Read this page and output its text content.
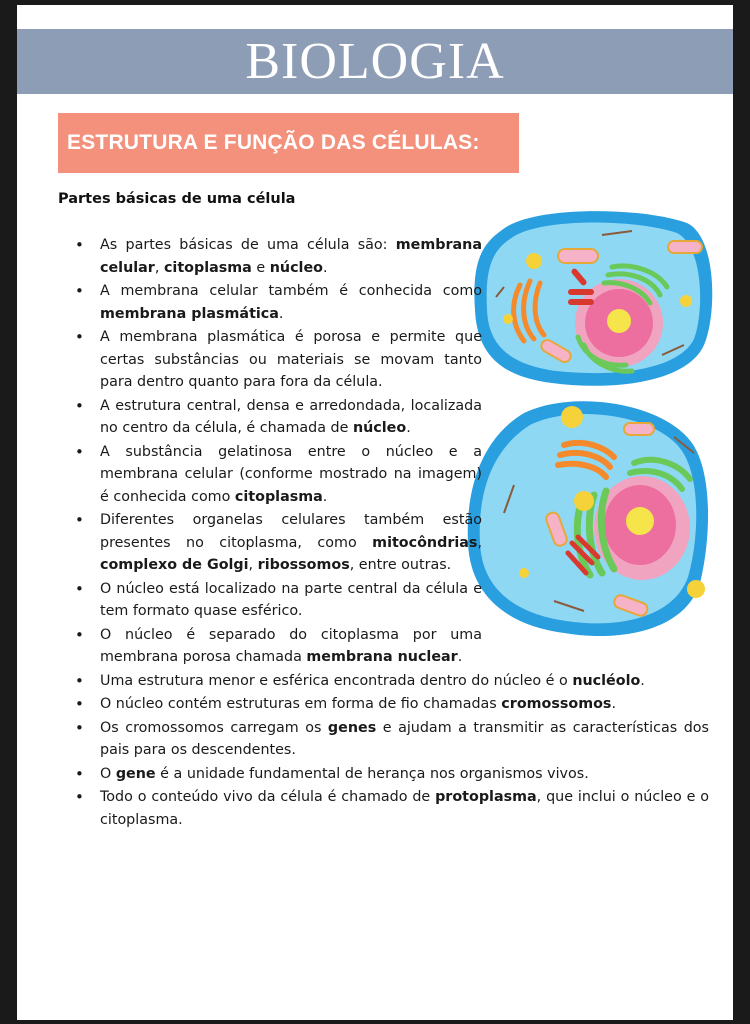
BIOLOGIA
ESTRUTURA E FUNÇÃO DAS CÉLULAS:
Partes básicas de uma célula
• As partes básicas de uma célula são: membrana celular, citoplasma e núcleo.
• A membrana celular também é conhecida como membrana plasmática.
• A membrana plasmática é porosa e permite que certas substâncias ou materiais se movam tanto para dentro quanto para fora da célula.
• A estrutura central, densa e arredondada, localizada no centro da célula, é chamada de núcleo.
• A substância gelatinosa entre o núcleo e a membrana celular (conforme mostrado na imagem) é conhecida como citoplasma.
• Diferentes organelas celulares também estão presentes no citoplasma, como mitocôndrias, complexo de Golgi, ribossomos, entre outras.
• O núcleo está localizado na parte central da célula e tem formato quase esférico.
• O núcleo é separado do citoplasma por uma membrana porosa chamada membrana nuclear.
• Uma estrutura menor e esférica encontrada dentro do núcleo é o nucléolo.
• O núcleo contém estruturas em forma de fio chamadas cromossomos.
• Os cromossomos carregam os genes e ajudam a transmitir as características dos pais para os descendentes.
• O gene é a unidade fundamental de herança nos organismos vivos.
• Todo o conteúdo vivo da célula é chamado de protoplasma, que inclui o núcleo e o citoplasma.
